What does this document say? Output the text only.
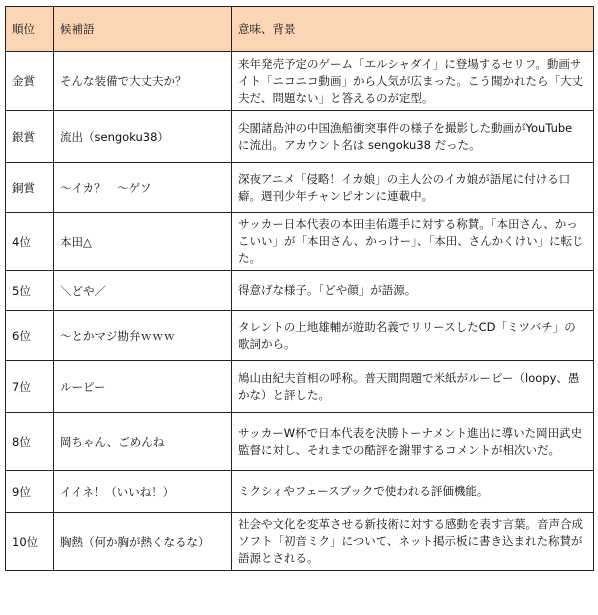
順位	候補語	意味、背景
金賞	そんな装備で大丈夫か？	来年発売予定のゲーム「エルシャダイ」に登場するセリフ。動画サイト「ニコニコ動画」から人気が広まった。こう聞かれたら「大丈夫だ、問題ない」と答えるのが定型。
銀賞	流出（sengoku38）	尖閣諸島沖の中国漁船衝突事件の様子を撮影した動画がYouTube に流出。アカウント名は sengoku38 だった。
銅賞	〜イカ？　〜ゲソ	深夜アニメ「侵略！イカ娘」の主人公のイカ娘が語尾に付ける口癖。週刊少年チャンピオンに連載中。
4位	本田△	サッカー日本代表の本田圭佑選手に対する称賛。「本田さん、かっこいい」が「本田さん、かっけー」、「本田、さんかくけい」に転じた。
5位	＼どや／	得意げな様子。「どや顔」が語源。
6位	〜とかマジ勘弁ｗｗｗ	タレントの上地雄輔が遊助名義でリリースしたCD「ミツバチ」の歌詞から。
7位	ルーピー	鳩山由紀夫首相の呼称。普天間問題で米紙がルーピー（loopy、愚かな）と評した。
8位	岡ちゃん、ごめんね	サッカーW杯で日本代表を決勝トーナメント進出に導いた岡田武史監督に対し、それまでの酷評を謝罪するコメントが相次いだ。
9位	イイネ！（いいね！）	ミクシィやフェースブックで使われる評価機能。
10位	胸熱（何か胸が熱くなるな）	社会や文化を変革させる新技術に対する感動を表す言葉。音声合成ソフト「初音ミク」について、ネット掲示板に書き込まれた称賛が語源とされる。
